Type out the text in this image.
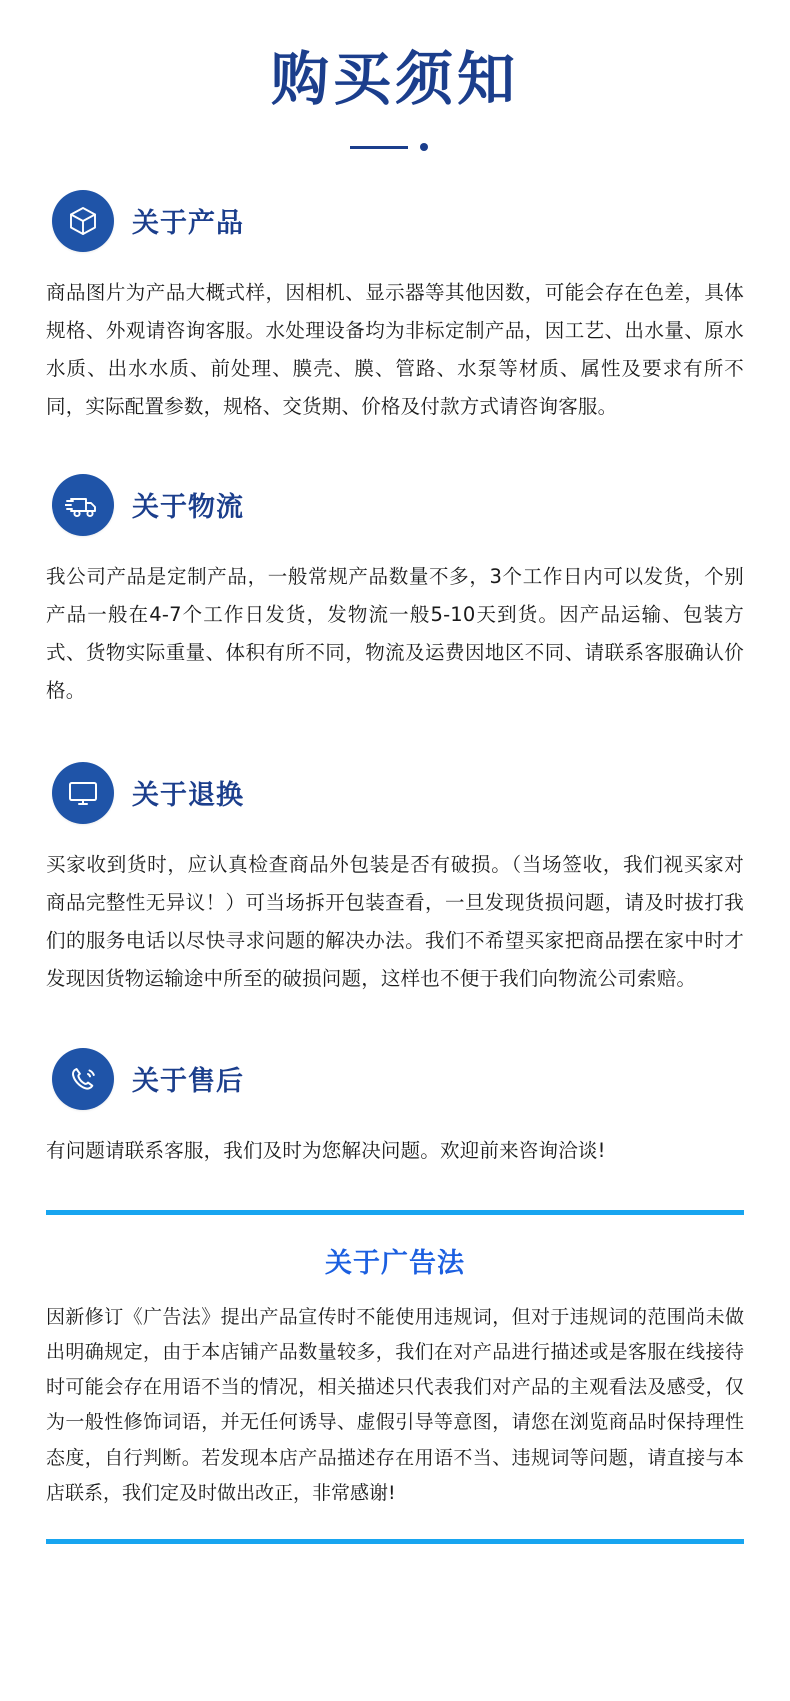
购买须知
关于产品
商品图片为产品大概式样，因相机、显示器等其他因数，可能会存在色差，具体规格、外观请咨询客服。水处理设备均为非标定制产品，因工艺、出水量、原水水质、出水水质、前处理、膜壳、膜、管路、水泵等材质、属性及要求有所不同，实际配置参数，规格、交货期、价格及付款方式请咨询客服。
关于物流
我公司产品是定制产品，一般常规产品数量不多，3个工作日内可以发货，个别产品一般在4-7个工作日发货，发物流一般5-10天到货。因产品运输、包装方式、货物实际重量、体积有所不同，物流及运费因地区不同、请联系客服确认价格。
关于退换
买家收到货时，应认真检查商品外包装是否有破损。（当场签收，我们视买家对商品完整性无异议！）可当场拆开包装查看，一旦发现货损问题，请及时拔打我们的服务电话以尽快寻求问题的解决办法。我们不希望买家把商品摆在家中时才发现因货物运输途中所至的破损问题，这样也不便于我们向物流公司索赔。
关于售后
有问题请联系客服，我们及时为您解决问题。欢迎前来咨询洽谈!
关于广告法
因新修订《广告法》提出产品宣传时不能使用违规词，但对于违规词的范围尚未做出明确规定，由于本店铺产品数量较多，我们在对产品进行描述或是客服在线接待时可能会存在用语不当的情况，相关描述只代表我们对产品的主观看法及感受，仅为一般性修饰词语，并无任何诱导、虚假引导等意图，请您在浏览商品时保持理性态度，自行判断。若发现本店产品描述存在用语不当、违规词等问题，请直接与本店联系，我们定及时做出改正，非常感谢!
